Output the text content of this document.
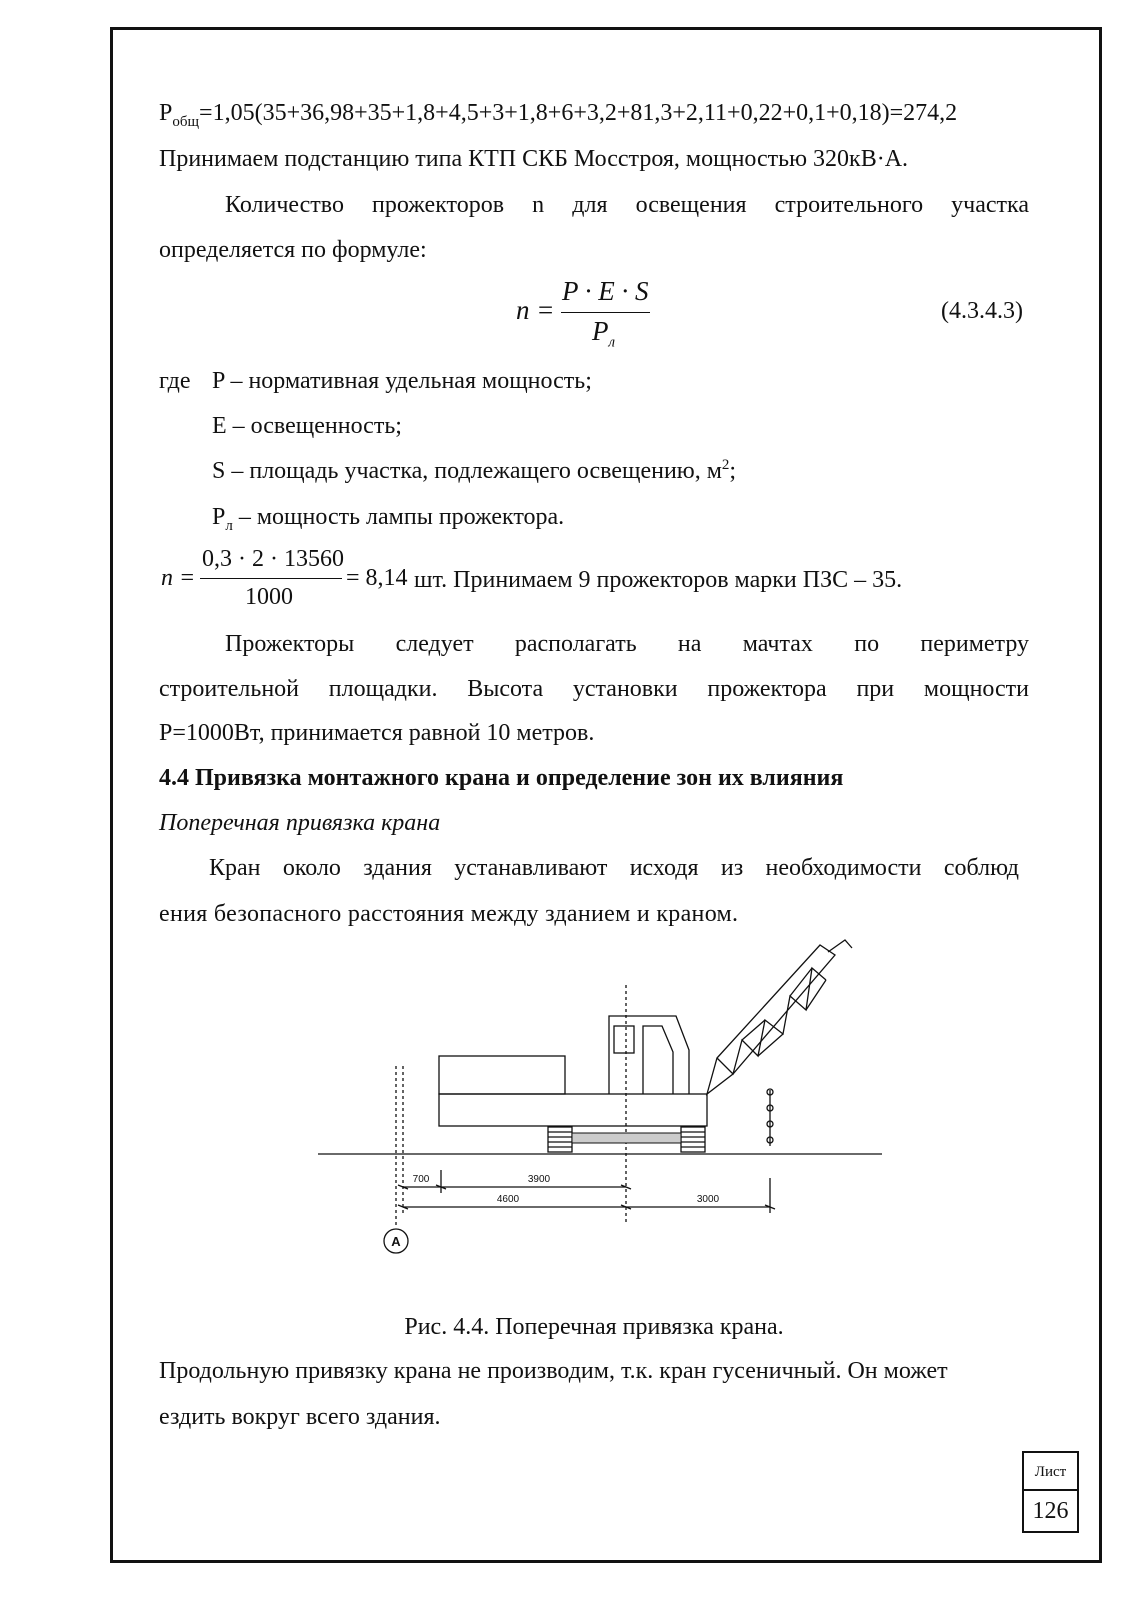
$P_{общ}=1,05(35+36,98+35+1,8+4,5+3+1,8+6+3,2+81,3+2,11+0,22+0,1+0,18)=274,2$
Принимаем подстанцию типа КТП СКБ Мосстроя, мощностью 320кВ·А.
Количество прожекторов n для освещения строительного участка
определяется по формуле:
n =
P · E · S
$P_л$
(4.3.4.3)
где P – нормативная удельная мощность;
E – освещенность;
S – площадь участка, подлежащего освещению, $м^2$;
$P_л$ – мощность лампы прожектора.
n =
0,3 · 2 · 13560
1000
= 8,14 шт. Принимаем 9 прожекторов марки ПЗС – 35.
Прожекторы следует располагать на мачтах по периметру
строительной площадки. Высота установки прожектора при мощности
P=1000Вт, принимается равной 10 метров.
4.4 Привязка монтажного крана и определение зон их влияния
Поперечная привязка крана
Кран около здания устанавливают исходя из необходимости соблюд
ения безопасного расстояния между зданием и краном.
700	3900
4600	3000
А
Рис. 4.4. Поперечная привязка крана.
Продольную привязку крана не производим, т.к. кран гусеничный. Он может
ездить вокруг всего здания.
Лист
126
